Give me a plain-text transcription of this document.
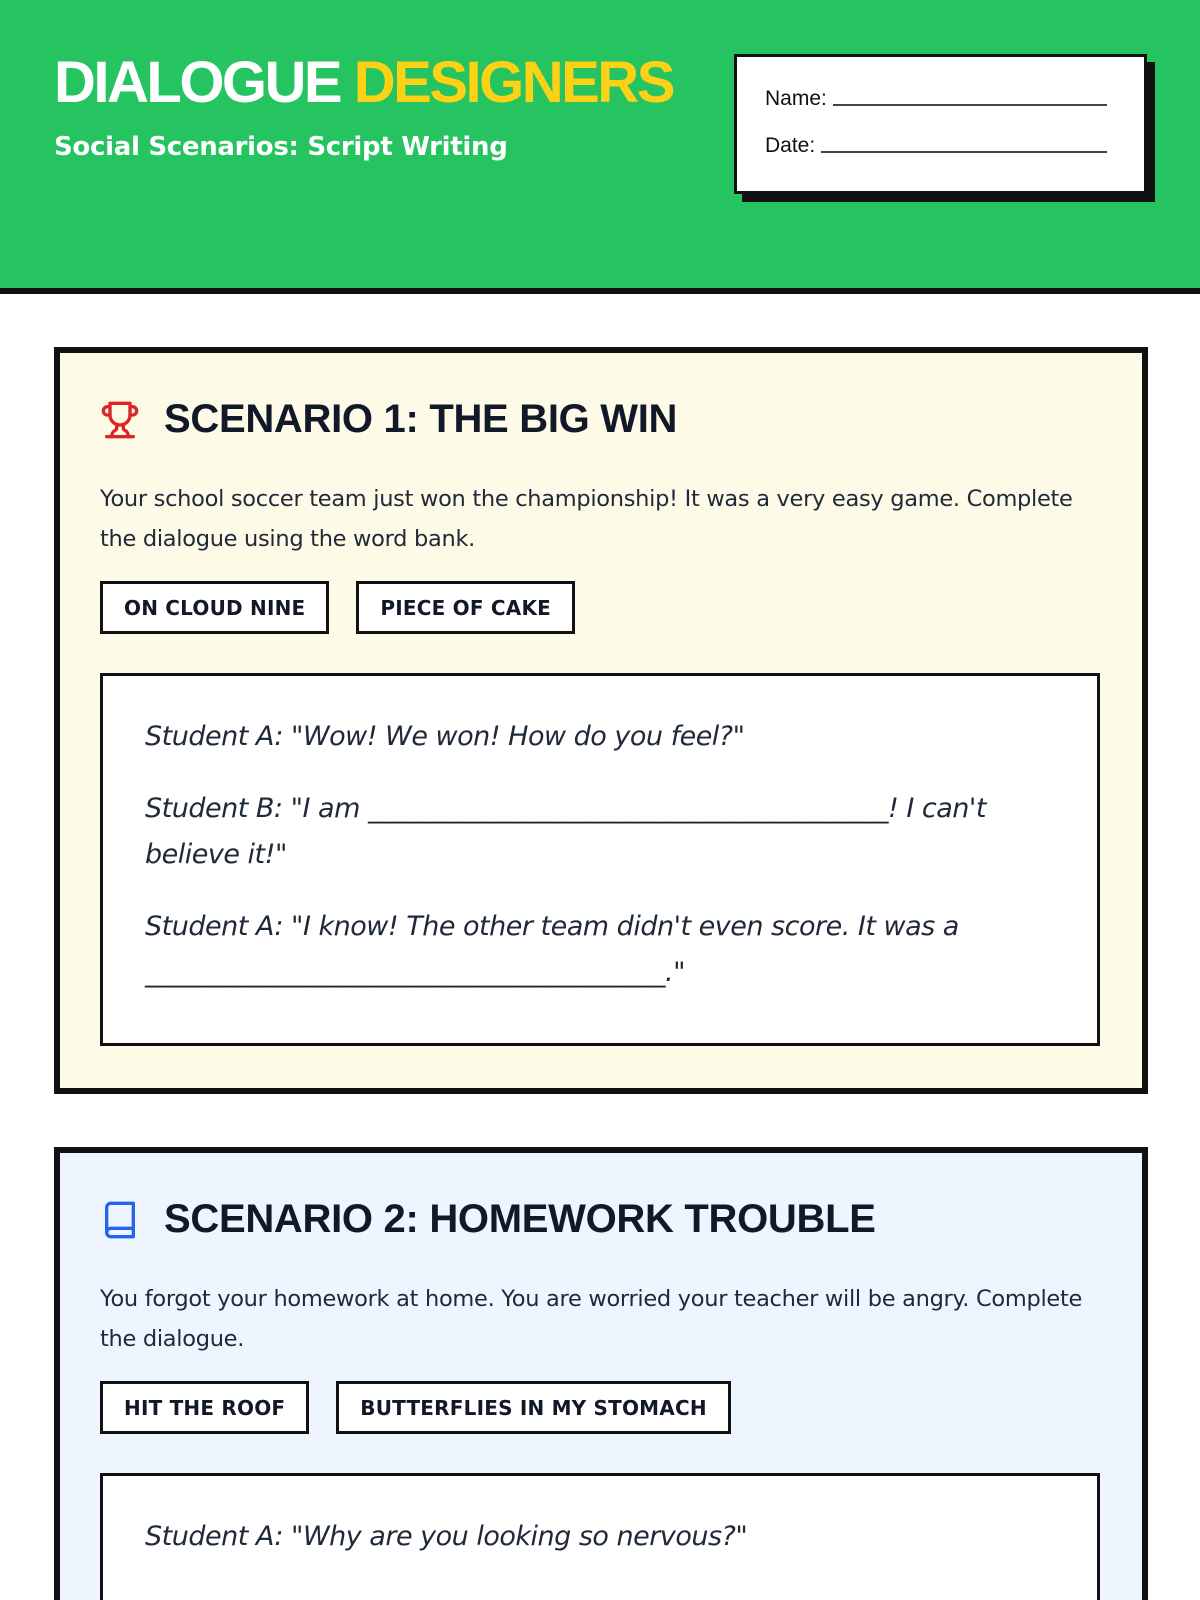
DIALOGUE DESIGNERS
Social Scenarios: Script Writing
Name:
Date:
SCENARIO 1: THE BIG WIN

Your school soccer team just won the championship! It was a very easy game. Complete the dialogue using the word bank.

ON CLOUD NINE	PIECE OF CAKE

Student A: "Wow! We won! How do you feel?"

Student B: "I am ________________________________________! I can't believe it!"

Student A: "I know! The other team didn't even score. It was a ________________________________________."

SCENARIO 2: HOMEWORK TROUBLE

You forgot your homework at home. You are worried your teacher will be angry. Complete the dialogue.

HIT THE ROOF	BUTTERFLIES IN MY STOMACH

Student A: "Why are you looking so nervous?"
